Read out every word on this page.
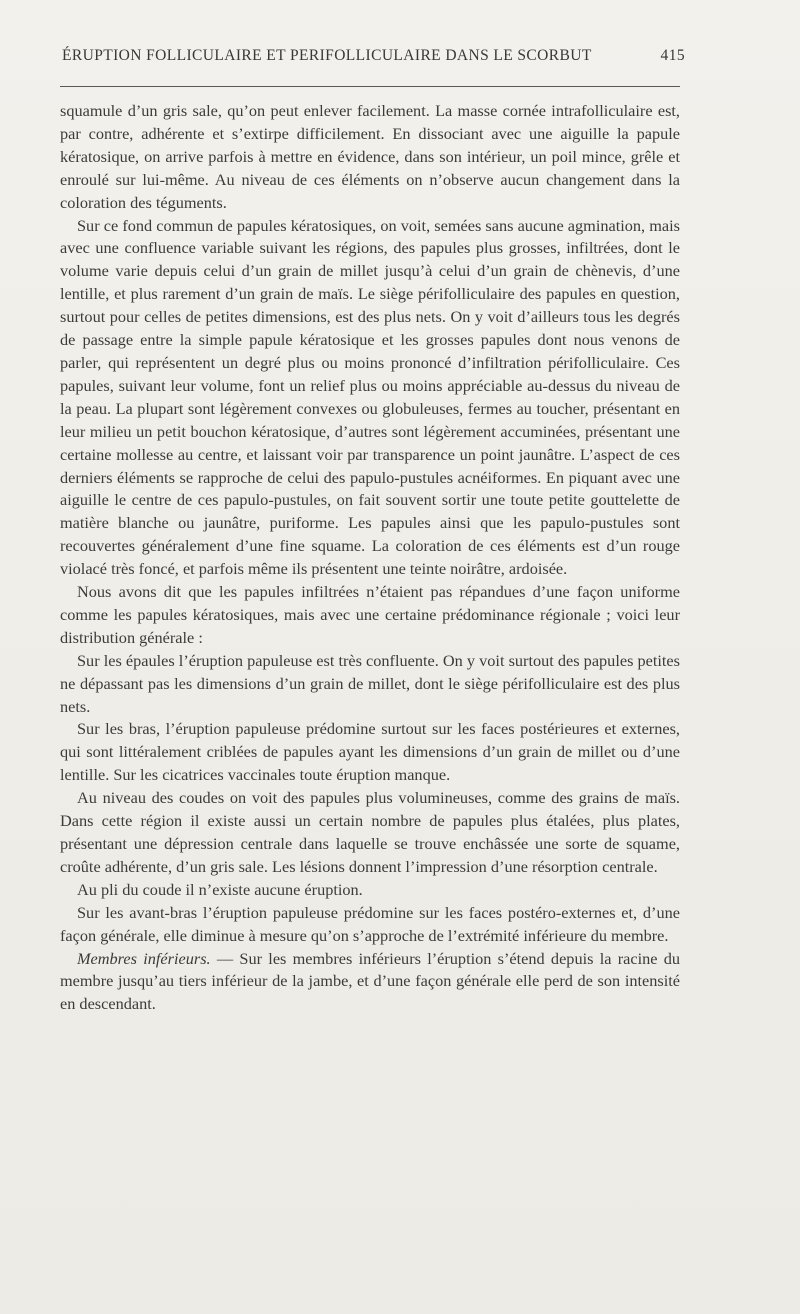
ÉRUPTION FOLLICULAIRE ET PERIFOLLICULAIRE DANS LE SCORBUT	415

squamule d’un gris sale, qu’on peut enlever facilement. La masse cornée intrafolliculaire est, par contre, adhérente et s’extirpe difficilement. En dissociant avec une aiguille la papule kératosique, on arrive parfois à mettre en évidence, dans son intérieur, un poil mince, grêle et enroulé sur lui-même. Au niveau de ces éléments on n’observe aucun changement dans la coloration des téguments.

Sur ce fond commun de papules kératosiques, on voit, semées sans aucune agmination, mais avec une confluence variable suivant les régions, des papules plus grosses, infiltrées, dont le volume varie depuis celui d’un grain de millet jusqu’à celui d’un grain de chènevis, d’une lentille, et plus rarement d’un grain de maïs. Le siège périfolliculaire des papules en question, surtout pour celles de petites dimensions, est des plus nets. On y voit d’ailleurs tous les degrés de passage entre la simple papule kératosique et les grosses papules dont nous venons de parler, qui représentent un degré plus ou moins prononcé d’infiltration périfolliculaire. Ces papules, suivant leur volume, font un relief plus ou moins appréciable au-dessus du niveau de la peau. La plupart sont légèrement convexes ou globuleuses, fermes au toucher, présentant en leur milieu un petit bouchon kératosique, d’autres sont légèrement accuminées, présentant une certaine mollesse au centre, et laissant voir par transparence un point jaunâtre. L’aspect de ces derniers éléments se rapproche de celui des papulo-pustules acnéiformes. En piquant avec une aiguille le centre de ces papulo-pustules, on fait souvent sortir une toute petite gouttelette de matière blanche ou jaunâtre, puriforme. Les papules ainsi que les papulo-pustules sont recouvertes généralement d’une fine squame. La coloration de ces éléments est d’un rouge violacé très foncé, et parfois même ils présentent une teinte noirâtre, ardoisée.

Nous avons dit que les papules infiltrées n’étaient pas répandues d’une façon uniforme comme les papules kératosiques, mais avec une certaine prédominance régionale ; voici leur distribution générale :

Sur les épaules l’éruption papuleuse est très confluente. On y voit surtout des papules petites ne dépassant pas les dimensions d’un grain de millet, dont le siège périfolliculaire est des plus nets.

Sur les bras, l’éruption papuleuse prédomine surtout sur les faces postérieures et externes, qui sont littéralement criblées de papules ayant les dimensions d’un grain de millet ou d’une lentille. Sur les cicatrices vaccinales toute éruption manque.

Au niveau des coudes on voit des papules plus volumineuses, comme des grains de maïs. Dans cette région il existe aussi un certain nombre de papules plus étalées, plus plates, présentant une dépression centrale dans laquelle se trouve enchâssée une sorte de squame, croûte adhérente, d’un gris sale. Les lésions donnent l’impression d’une résorption centrale.

Au pli du coude il n’existe aucune éruption.

Sur les avant-bras l’éruption papuleuse prédomine sur les faces postéro-externes et, d’une façon générale, elle diminue à mesure qu’on s’approche de l’extrémité inférieure du membre.

Membres inférieurs. — Sur les membres inférieurs l’éruption s’étend depuis la racine du membre jusqu’au tiers inférieur de la jambe, et d’une façon générale elle perd de son intensité en descendant.
